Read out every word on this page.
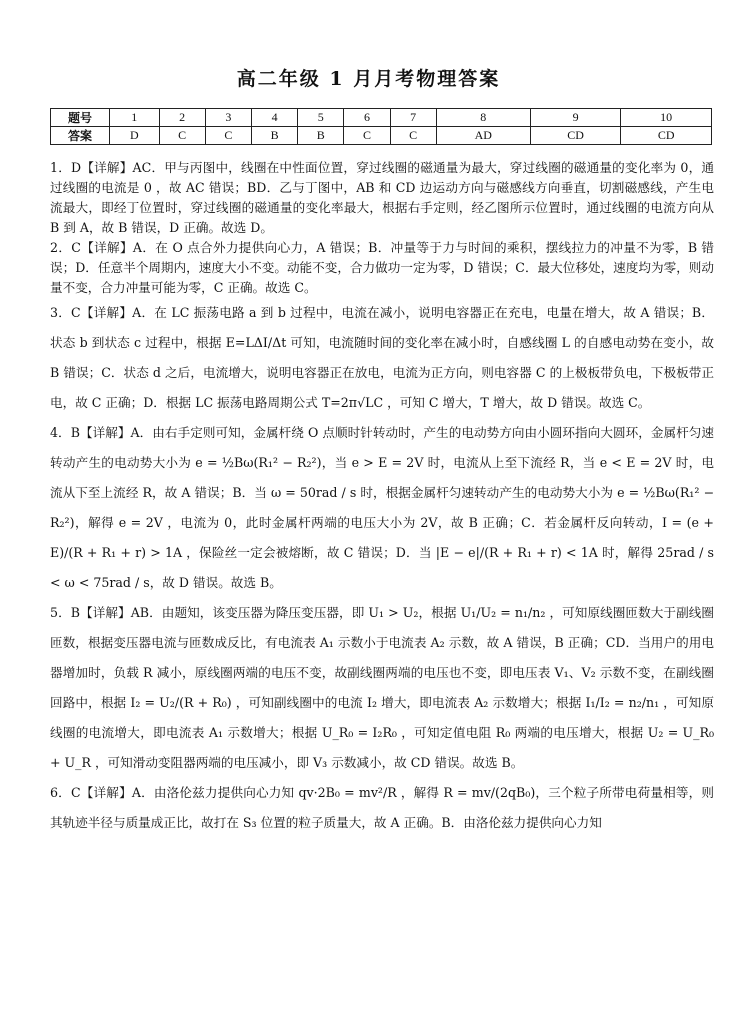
高二年级 1 月月考物理答案
题号	1	2	3	4	5	6	7	8	9	10
答案	D	C	C	B	B	C	C	AD	CD	CD

1．D【详解】AC．甲与丙图中，线圈在中性面位置，穿过线圈的磁通量为最大，穿过线圈的磁通量的变化率为 0，通过线圈的电流是 0 ，故 AC 错误；BD．乙与丁图中，AB 和 CD 边运动方向与磁感线方向垂直，切割磁感线，产生电流最大，即经丁位置时，穿过线圈的磁通量的变化率最大，根据右手定则，经乙图所示位置时，通过线圈的电流方向从 B 到 A，故 B 错误，D 正确。故选 D。

2．C【详解】A．在 O 点合外力提供向心力，A 错误；B．冲量等于力与时间的乘积，摆线拉力的冲量不为零，B 错误；D．任意半个周期内，速度大小不变。动能不变，合力做功一定为零，D 错误；C．最大位移处，速度均为零，则动量不变，合力冲量可能为零，C 正确。故选 C。

3．C【详解】A．在 LC 振荡电路 a 到 b 过程中，电流在减小，说明电容器正在充电，电量在增大，故 A 错误；B．状态 b 到状态 c 过程中，根据 E=LΔI/Δt 可知，电流随时间的变化率在减小时，自感线圈 L 的自感电动势在变小，故 B 错误；C．状态 d 之后，电流增大，说明电容器正在放电，电流为正方向，则电容器 C 的上极板带负电，下极板带正电，故 C 正确；D．根据 LC 振荡电路周期公式 T=2π√LC ，可知 C 增大，T 增大，故 D 错误。故选 C。

4．B【详解】A．由右手定则可知，金属杆绕 O 点顺时针转动时，产生的电动势方向由小圆环指向大圆环，金属杆匀速转动产生的电动势大小为 e = ½Bω(R₁² − R₂²)，当 e > E = 2V 时，电流从上至下流经 R，当 e < E = 2V 时，电流从下至上流经 R，故 A 错误；B．当 ω = 50rad / s 时，根据金属杆匀速转动产生的电动势大小为 e = ½Bω(R₁² − R₂²)，解得 e = 2V ，电流为 0，此时金属杆两端的电压大小为 2V，故 B 正确；C．若金属杆反向转动，I = (e + E)/(R + R₁ + r) > 1A ，保险丝一定会被熔断，故 C 错误；D．当 |E − e|/(R + R₁ + r) < 1A 时，解得 25rad / s < ω < 75rad / s，故 D 错误。故选 B。

5．B【详解】AB．由题知，该变压器为降压变压器，即 U₁ > U₂，根据 U₁/U₂ = n₁/n₂ ，可知原线圈匝数大于副线圈匝数，根据变压器电流与匝数成反比，有电流表 A₁ 示数小于电流表 A₂ 示数，故 A 错误，B 正确；CD．当用户的用电器增加时，负载 R 减小，原线圈两端的电压不变，故副线圈两端的电压也不变，即电压表 V₁、V₂ 示数不变，在副线圈回路中，根据 I₂ = U₂/(R + R₀) ，可知副线圈中的电流 I₂ 增大，即电流表 A₂ 示数增大；根据 I₁/I₂ = n₂/n₁ ，可知原线圈的电流增大，即电流表 A₁ 示数增大；根据 U_R₀ = I₂R₀ ，可知定值电阻 R₀ 两端的电压增大，根据 U₂ = U_R₀ + U_R ，可知滑动变阻器两端的电压减小，即 V₃ 示数减小，故 CD 错误。故选 B。

6．C【详解】A．由洛伦兹力提供向心力知 qv·2B₀ = mv²/R ，解得 R = mv/(2qB₀)，三个粒子所带电荷量相等，则其轨迹半径与质量成正比，故打在 S₃ 位置的粒子质量大，故 A 正确。B．由洛伦兹力提供向心力知
